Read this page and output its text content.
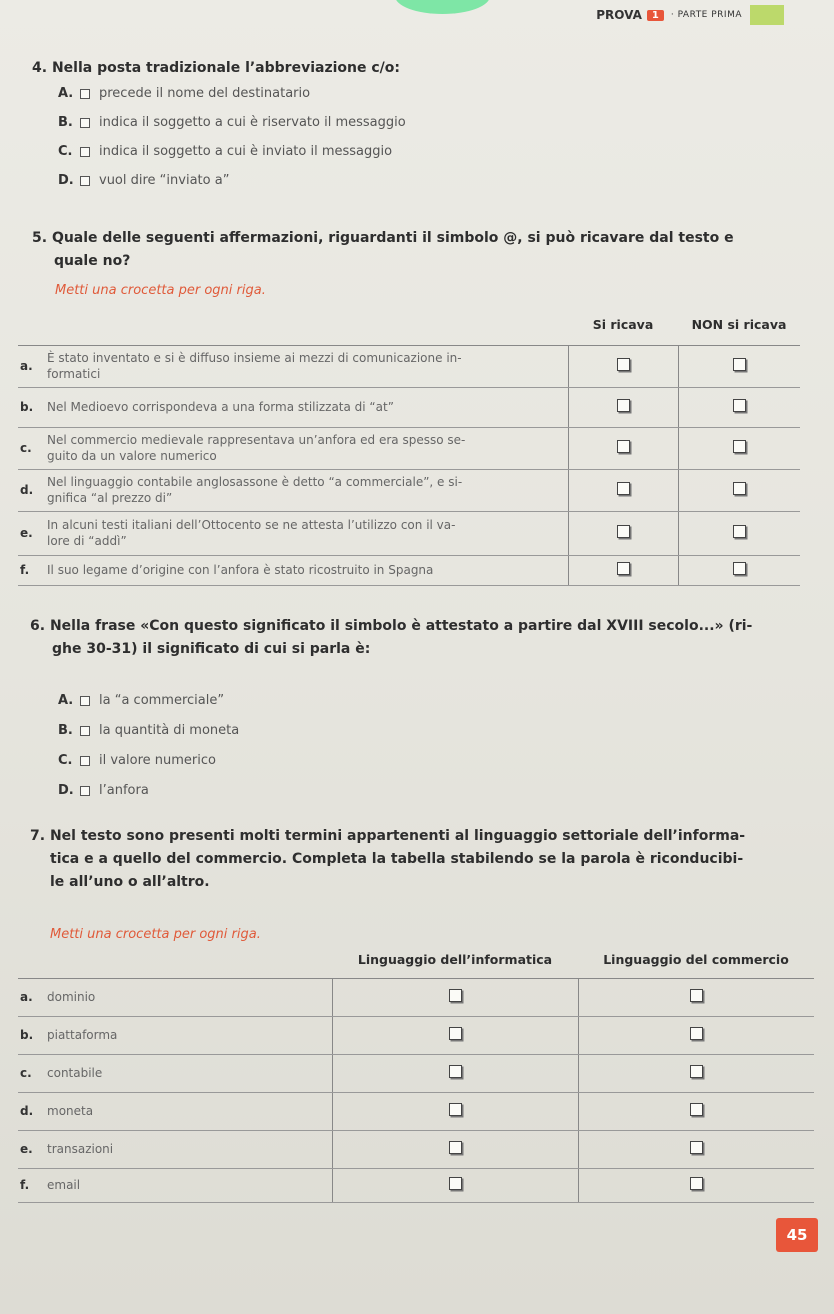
PROVA	1	· PARTE PRIMA
4. Nella posta tradizionale l’abbreviazione c/o:
A.	precede il nome del destinatario
B.	indica il soggetto a cui è riservato il messaggio
C.	indica il soggetto a cui è inviato il messaggio
D.	vuol dire “inviato a”
5. Quale delle seguenti affermazioni, riguardanti il simbolo @, si può ricavare dal testo e
quale no?
Metti una crocetta per ogni riga.
		Si ricava	NON si ricava
a.	È stato inventato e si è diffuso insieme ai mezzi di comunicazione in-
formatici		

b.	Nel Medioevo corrispondeva a una forma stilizzata di “at”		

c.	Nel commercio medievale rappresentava un’anfora ed era spesso se-
guito da un valore numerico		

d.	Nel linguaggio contabile anglosassone è detto “a commerciale”, e si-
gnifica “al prezzo di”		

e.	In alcuni testi italiani dell’Ottocento se ne attesta l’utilizzo con il va-
lore di “addì”		

f.	Il suo legame d’origine con l’anfora è stato ricostruito in Spagna		

6. Nella frase «Con questo significato il simbolo è attestato a partire dal XVIII secolo...» (ri-
ghe 30-31) il significato di cui si parla è:
A.	la “a commerciale”
B.	la quantità di moneta
C.	il valore numerico
D.	l’anfora
7. Nel testo sono presenti molti termini appartenenti al linguaggio settoriale dell’informa-
tica e a quello del commercio. Completa la tabella stabilendo se la parola è riconducibi-
le all’uno o all’altro.
Metti una crocetta per ogni riga.
		Linguaggio dell’informatica	Linguaggio del commercio
a.	dominio		

b.	piattaforma		

c.	contabile		

d.	moneta		

e.	transazioni		

f.	email		

45
